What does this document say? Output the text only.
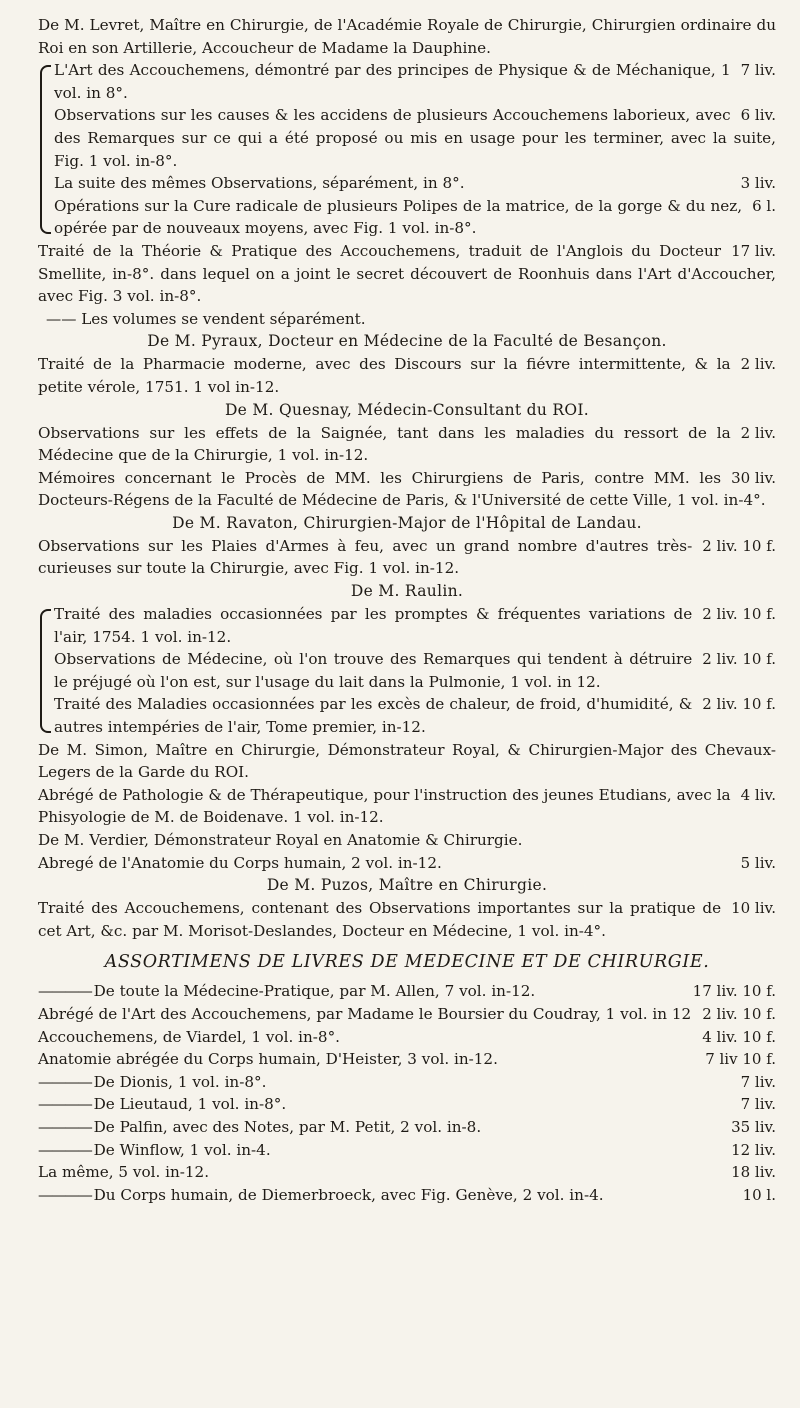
De M. Levret, Maître en Chirurgie, de l'Académie Royale de Chirurgie, Chirurgien ordinaire du Roi en son Artillerie, Accoucheur de Madame la Dauphine.
7 liv.
L'Art des Accouchemens, démontré par des principes de Physique & de Méchanique, 1 vol. in 8°.
6 liv.
Observations sur les causes & les accidens de plusieurs Accouchemens laborieux, avec des Remarques sur ce qui a été proposé ou mis en usage pour les terminer, avec la suite, Fig. 1 vol. in-8°.
3 liv.
La suite des mêmes Observations, séparément, in 8°.
6 l.
Opérations sur la Cure radicale de plusieurs Polipes de la matrice, de la gorge & du nez, opérée par de nouveaux moyens, avec Fig. 1 vol. in-8°.
17 liv.
Traité de la Théorie & Pratique des Accouchemens, traduit de l'Anglois du Docteur Smellite, in-8°. dans lequel on a joint le secret découvert de Roonhuis dans l'Art d'Accoucher, avec Fig. 3 vol. in-8°.
—— Les volumes se vendent séparément.
De M. Pyraux, Docteur en Médecine de la Faculté de Besançon.
2 liv.
Traité de la Pharmacie moderne, avec des Discours sur la fiévre intermittente, & la petite vérole, 1751. 1 vol in-12.
De M. Quesnay, Médecin-Consultant du ROI.
2 liv.
Observations sur les effets de la Saignée, tant dans les maladies du ressort de la Médecine que de la Chirurgie, 1 vol. in-12.
30 liv.
Mémoires concernant le Procès de MM. les Chirurgiens de Paris, contre MM. les Docteurs-Régens de la Faculté de Médecine de Paris, & l'Université de cette Ville, 1 vol. in-4°.
De M. Ravaton, Chirurgien-Major de l'Hôpital de Landau.
2 liv. 10 f.
Observations sur les Plaies d'Armes à feu, avec un grand nombre d'autres très-curieuses sur toute la Chirurgie, avec Fig. 1 vol. in-12.
De M. Raulin.
2 liv. 10 f.
Traité des maladies occasionnées par les promptes & fréquentes variations de l'air, 1754. 1 vol. in-12.
2 liv. 10 f.
Observations de Médecine, où l'on trouve des Remarques qui tendent à détruire le préjugé où l'on est, sur l'usage du lait dans la Pulmonie, 1 vol. in 12.
2 liv. 10 f.
Traité des Maladies occasionnées par les excès de chaleur, de froid, d'humidité, & autres intempéries de l'air, Tome premier, in-12.
De M. Simon, Maître en Chirurgie, Démonstrateur Royal, & Chirurgien-Major des Chevaux-Legers de la Garde du ROI.
4 liv.
Abrégé de Pathologie & de Thérapeutique, pour l'instruction des jeunes Etudians, avec la Phisyologie de M. de Boidenave. 1 vol. in-12.
De M. Verdier, Démonstrateur Royal en Anatomie & Chirurgie.
5 liv.
Abregé de l'Anatomie du Corps humain, 2 vol. in-12.
De M. Puzos, Maître en Chirurgie.
10 liv.
Traité des Accouchemens, contenant des Observations importantes sur la pratique de cet Art, &c. par M. Morisot-Deslandes, Docteur en Médecine, 1 vol. in-4°.
ASSORTIMENS DE LIVRES DE MEDECINE ET DE CHIRURGIE.
———— 17 liv. 10 f.
De toute la Médecine-Pratique, par M. Allen, 7 vol. in-12.
2 liv. 10 f.
Abrégé de l'Art des Accouchemens, par Madame le Boursier du Coudray, 1 vol. in 12
4 liv. 10 f.
Accouchemens, de Viardel, 1 vol. in-8°.
7 liv 10 f.
Anatomie abrégée du Corps humain, D'Heister, 3 vol. in-12.
———— 7 liv.
De Dionis, 1 vol. in-8°.
———— 7 liv.
De Lieutaud, 1 vol. in-8°.
———— 35 liv.
De Palfin, avec des Notes, par M. Petit, 2 vol. in-8.
———— 12 liv.
De Winflow, 1 vol. in-4.
18 liv.
La même, 5 vol. in-12.
———— 10 l.
Du Corps humain, de Diemerbroeck, avec Fig. Genève, 2 vol. in-4.
